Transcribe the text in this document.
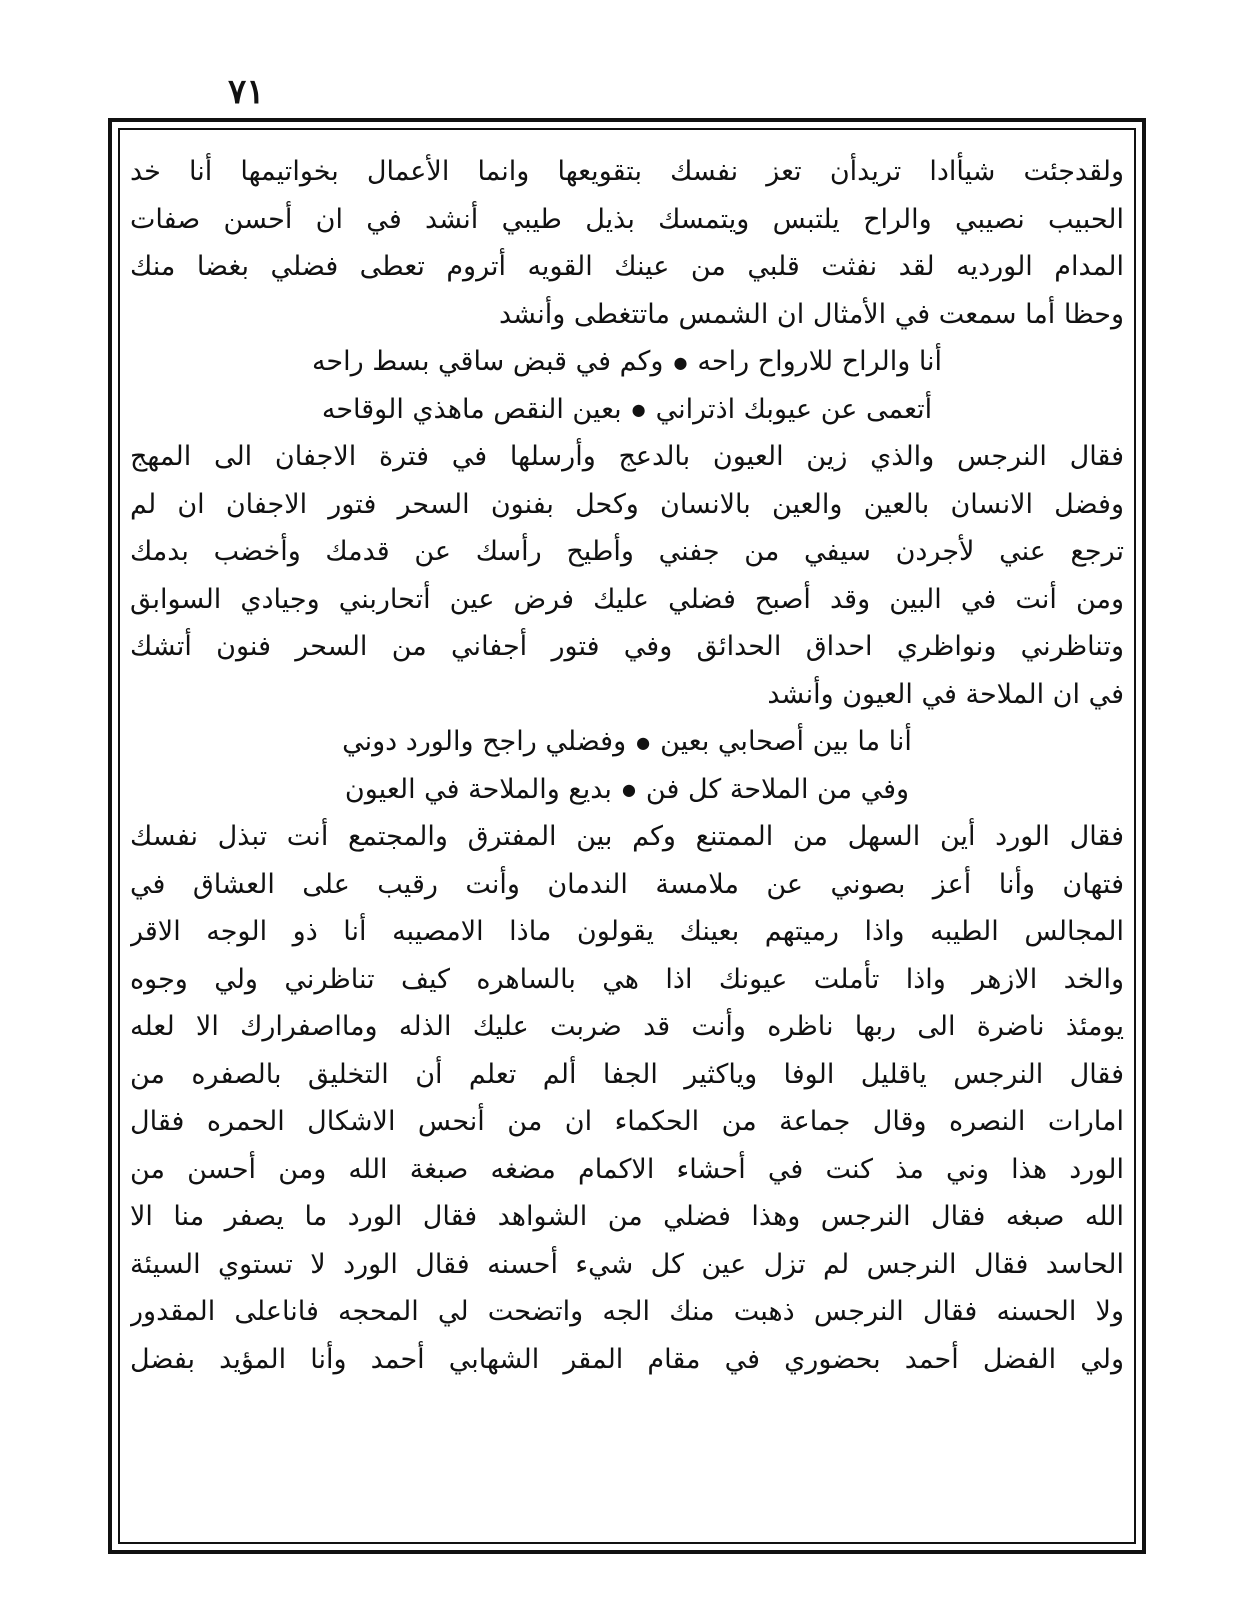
٧١
ولقدجئت شيأادا تريدأن تعز نفسك بتقويعها وانما الأعمال بخواتيمها أنا خد
الحبيب نصيبي والراح يلتبس ويتمسك بذيل طيبي أنشد في ان أحسن صفات
المدام الورديه لقد نفثت قلبي من عينك القويه أتروم تعطى فضلي بغضا منك
وحظا أما سمعت في الأمثال ان الشمس ماتتغطى وأنشد
أنا والراح للارواح راحه●وكم في قبض ساقي بسط راحه
أتعمى عن عيوبك اذتراني●بعين النقص ماهذي الوقاحه
فقال النرجس والذي زين العيون بالدعج وأرسلها في فترة الاجفان الى المهج
وفضل الانسان بالعين والعين بالانسان وكحل بفنون السحر فتور الاجفان ان لم
ترجع عني لأجردن سيفي من جفني وأطيح رأسك عن قدمك وأخضب بدمك
ومن أنت في البين وقد أصبح فضلي عليك فرض عين أتحاربني وجيادي السوابق
وتناظرني ونواظري احداق الحدائق وفي فتور أجفاني من السحر فنون أتشك
في ان الملاحة في العيون وأنشد
أنا ما بين أصحابي بعين●وفضلي راجح والورد دوني
وفي من الملاحة كل فن●بديع والملاحة في العيون
فقال الورد أين السهل من الممتنع وكم بين المفترق والمجتمع أنت تبذل نفسك
فتهان وأنا أعز بصوني عن ملامسة الندمان وأنت رقيب على العشاق في
المجالس الطيبه واذا رميتهم بعينك يقولون ماذا الامصيبه أنا ذو الوجه الاقر
والخد الازهر واذا تأملت عيونك اذا هي بالساهره كيف تناظرني ولي وجوه
يومئذ ناضرة الى ربها ناظره وأنت قد ضربت عليك الذله ومااصفرارك الا لعله
فقال النرجس ياقليل الوفا وياكثير الجفا ألم تعلم أن التخليق بالصفره من
امارات النصره وقال جماعة من الحكماء ان من أنحس الاشكال الحمره فقال
الورد هذا وني مذ كنت في أحشاء الاكمام مضغه صبغة الله ومن أحسن من
الله صبغه فقال النرجس وهذا فضلي من الشواهد فقال الورد ما يصفر منا الا
الحاسد فقال النرجس لم تزل عين كل شيء أحسنه فقال الورد لا تستوي السيئة
ولا الحسنه فقال النرجس ذهبت منك الجه واتضحت لي المحجه فاناعلى المقدور
ولي الفضل أحمد بحضوري في مقام المقر الشهابي أحمد وأنا المؤيد بفضل
